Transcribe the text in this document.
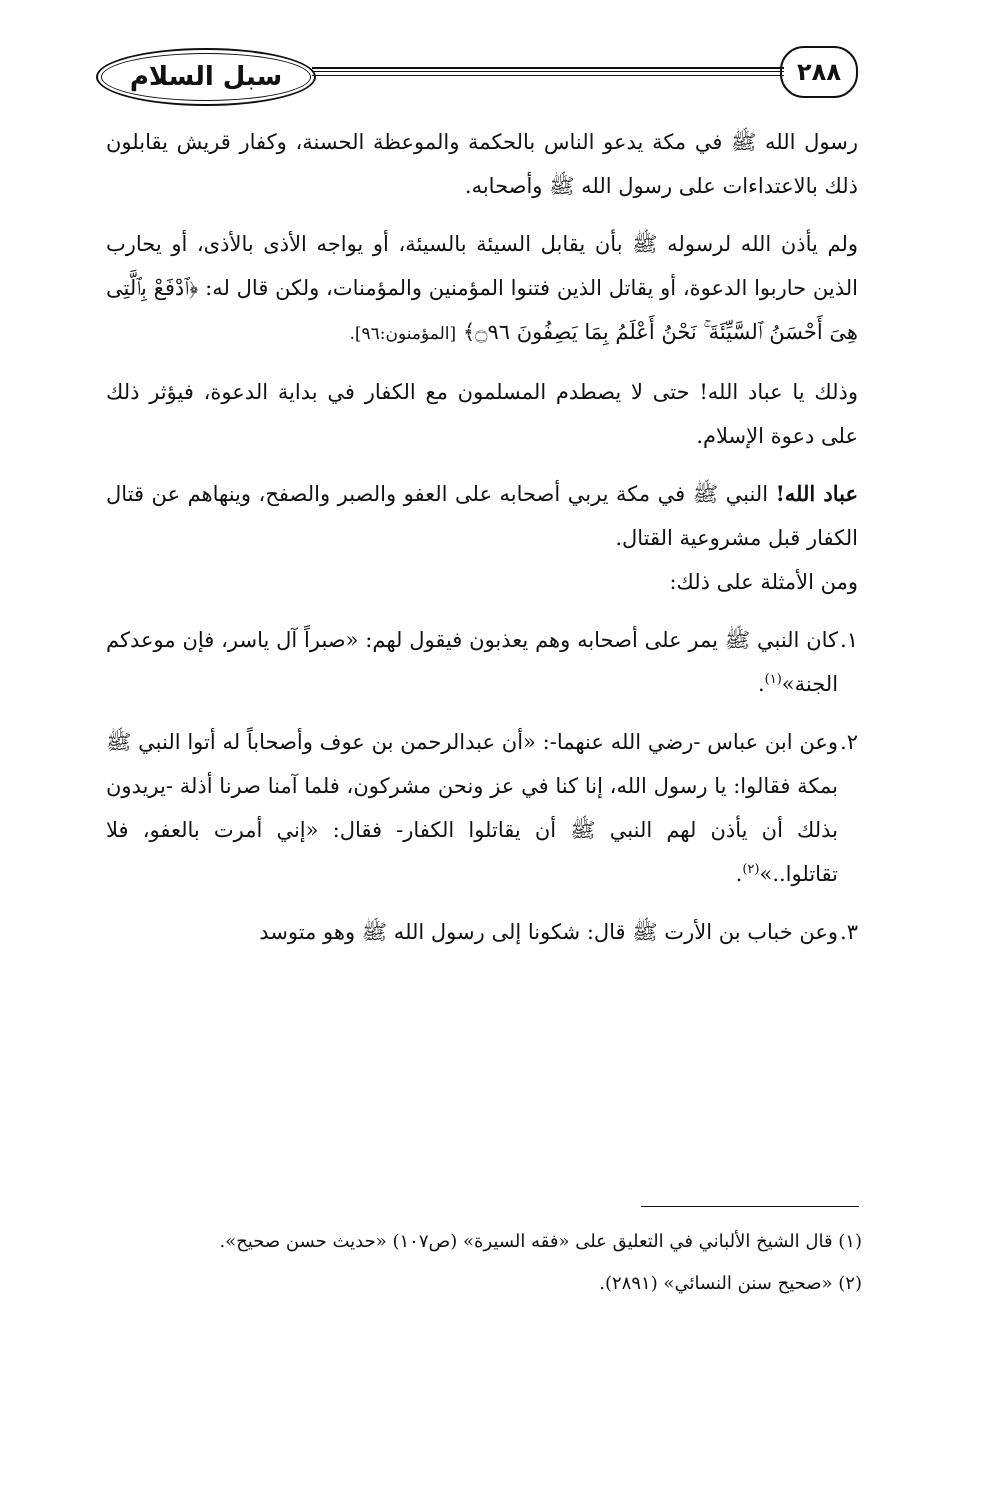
سبل السلام	٢٨٨

رسول الله ﷺ في مكة يدعو الناس بالحكمة والموعظة الحسنة، وكفار قريش يقابلون ذلك بالاعتداءات على رسول الله ﷺ وأصحابه.

ولم يأذن الله لرسوله ﷺ بأن يقابل السيئة بالسيئة، أو يواجه الأذى بالأذى، أو يحارب الذين حاربوا الدعوة، أو يقاتل الذين فتنوا المؤمنين والمؤمنات، ولكن قال له: ﴿ٱدْفَعْ بِٱلَّتِى هِىَ أَحْسَنُ ٱلسَّيِّئَةَ ۚ نَحْنُ أَعْلَمُ بِمَا يَصِفُونَ ۝٩٦﴾ [المؤمنون:٩٦].

وذلك يا عباد الله! حتى لا يصطدم المسلمون مع الكفار في بداية الدعوة، فيؤثر ذلك على دعوة الإسلام.

عباد الله! النبي ﷺ في مكة يربي أصحابه على العفو والصبر والصفح، وينهاهم عن قتال الكفار قبل مشروعية القتال.

ومن الأمثلة على ذلك:

١.
كان النبي ﷺ يمر على أصحابه وهم يعذبون فيقول لهم: «صبراً آل ياسر، فإن موعدكم الجنة»$^{(١)}$.
٢.
وعن ابن عباس -رضي الله عنهما-: «أن عبدالرحمن بن عوف وأصحاباً له أتوا النبي ﷺ بمكة فقالوا: يا رسول الله، إنا كنا في عز ونحن مشركون، فلما آمنا صرنا أذلة -يريدون بذلك أن يأذن لهم النبي ﷺ أن يقاتلوا الكفار- فقال: «إني أمرت بالعفو، فلا تقاتلوا..»$^{(٢)}$.
٣.
وعن خباب بن الأرت ﷺ قال: شكونا إلى رسول الله ﷺ وهو متوسد

(١) قال الشيخ الألباني في التعليق على «فقه السيرة» (ص١٠٧) «حديث حسن صحيح».

(٢) «صحيح سنن النسائي» (٢٨٩١).
